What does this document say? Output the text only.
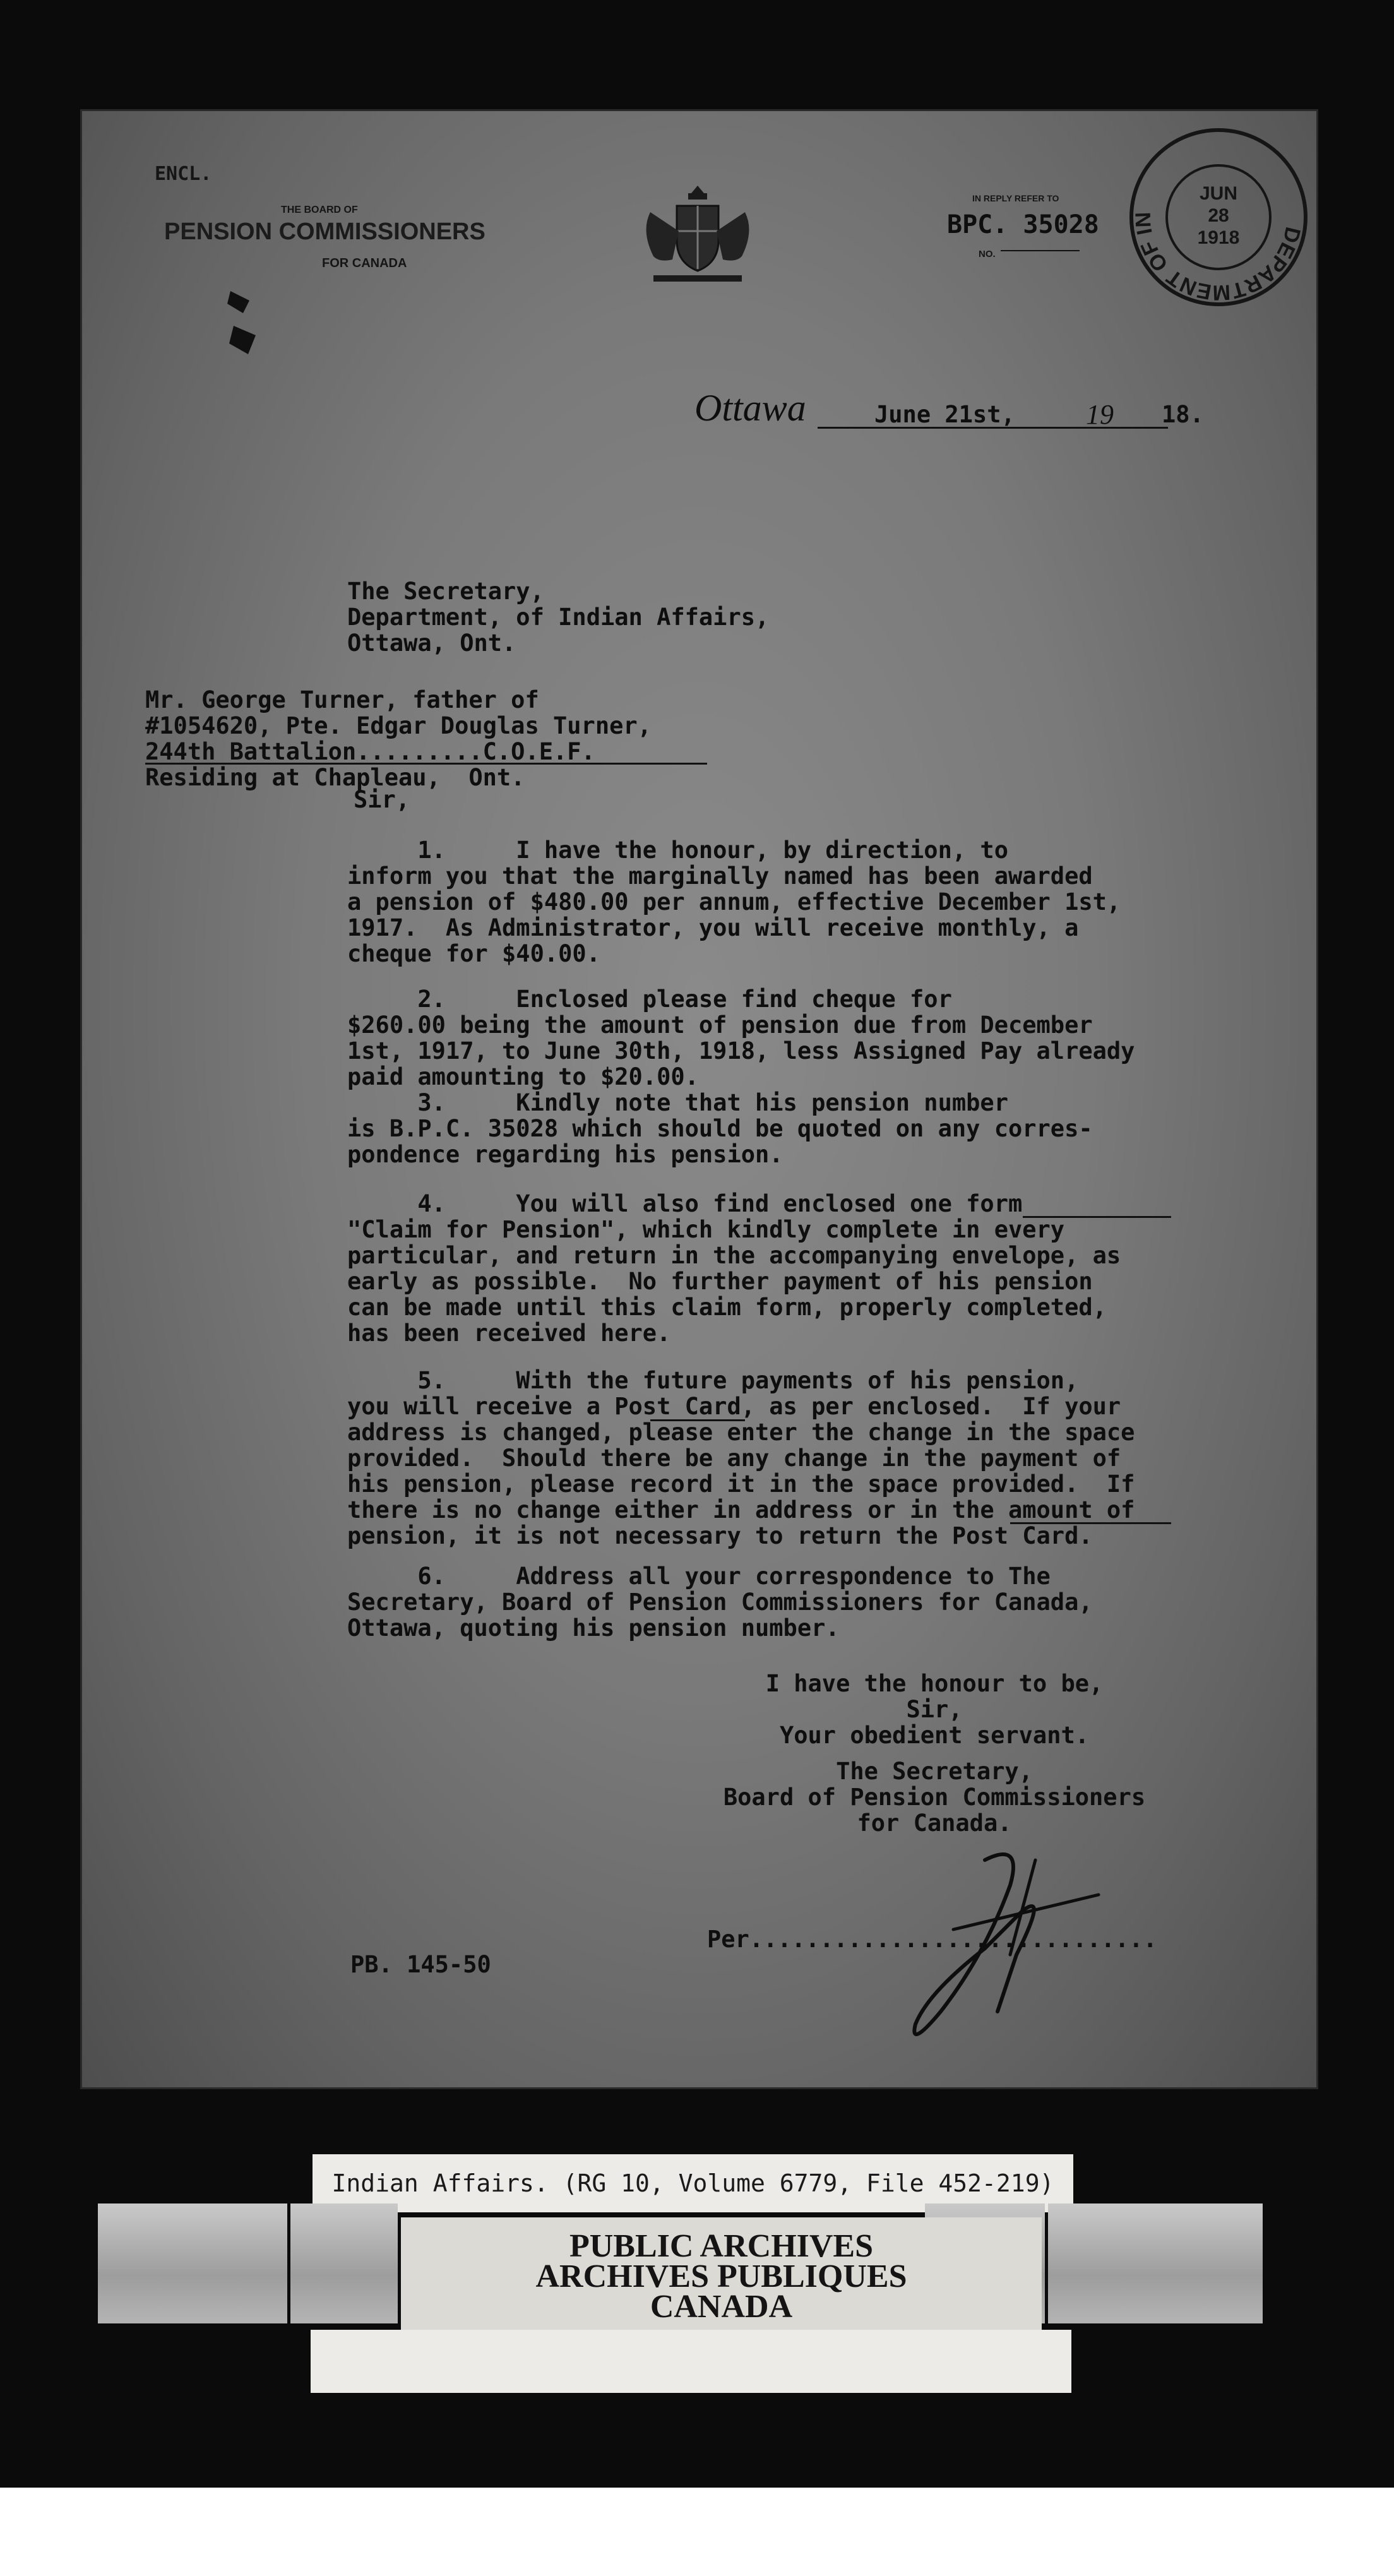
ENCL.
THE BOARD OF
PENSION COMMISSIONERS
FOR CANADA
IN REPLY REFER TO
BPC. 35028
NO.
DEPARTMENT OF IN
JUN
28
1918
Ottawa	June 21st,	19 18.
The Secretary,
Department, of Indian Affairs,
Ottawa, Ont.
Mr. George Turner, father of
#1054620, Pte. Edgar Douglas Turner,
244th Battalion.........C.O.E.F.
Residing at Chapleau,  Ont.
Sir,
1.     I have the honour, by direction, to
inform you that the marginally named has been awarded
a pension of $480.00 per annum, effective December 1st,
1917.  As Administrator, you will receive monthly, a
cheque for $40.00.
2.     Enclosed please find cheque for
$260.00 being the amount of pension due from December
1st, 1917, to June 30th, 1918, less Assigned Pay already
paid amounting to $20.00.
3.     Kindly note that his pension number
is B.P.C. 35028 which should be quoted on any corres-
pondence regarding his pension.
4.     You will also find enclosed one form
"Claim for Pension", which kindly complete in every
particular, and return in the accompanying envelope, as
early as possible.  No further payment of his pension
can be made until this claim form, properly completed,
has been received here.
5.     With the future payments of his pension,
you will receive a Post Card, as per enclosed.  If your
address is changed, please enter the change in the space
provided.  Should there be any change in the payment of
his pension, please record it in the space provided.  If
there is no change either in address or in the amount of
pension, it is not necessary to return the Post Card.
6.     Address all your correspondence to The
Secretary, Board of Pension Commissioners for Canada,
Ottawa, quoting his pension number.
I have the honour to be,
Sir,
Your obedient servant.
The Secretary,
Board of Pension Commissioners
for Canada.
Per.............................
PB. 145-50
Indian Affairs. (RG 10, Volume 6779, File 452-219)
PUBLIC ARCHIVES
ARCHIVES PUBLIQUES
CANADA
